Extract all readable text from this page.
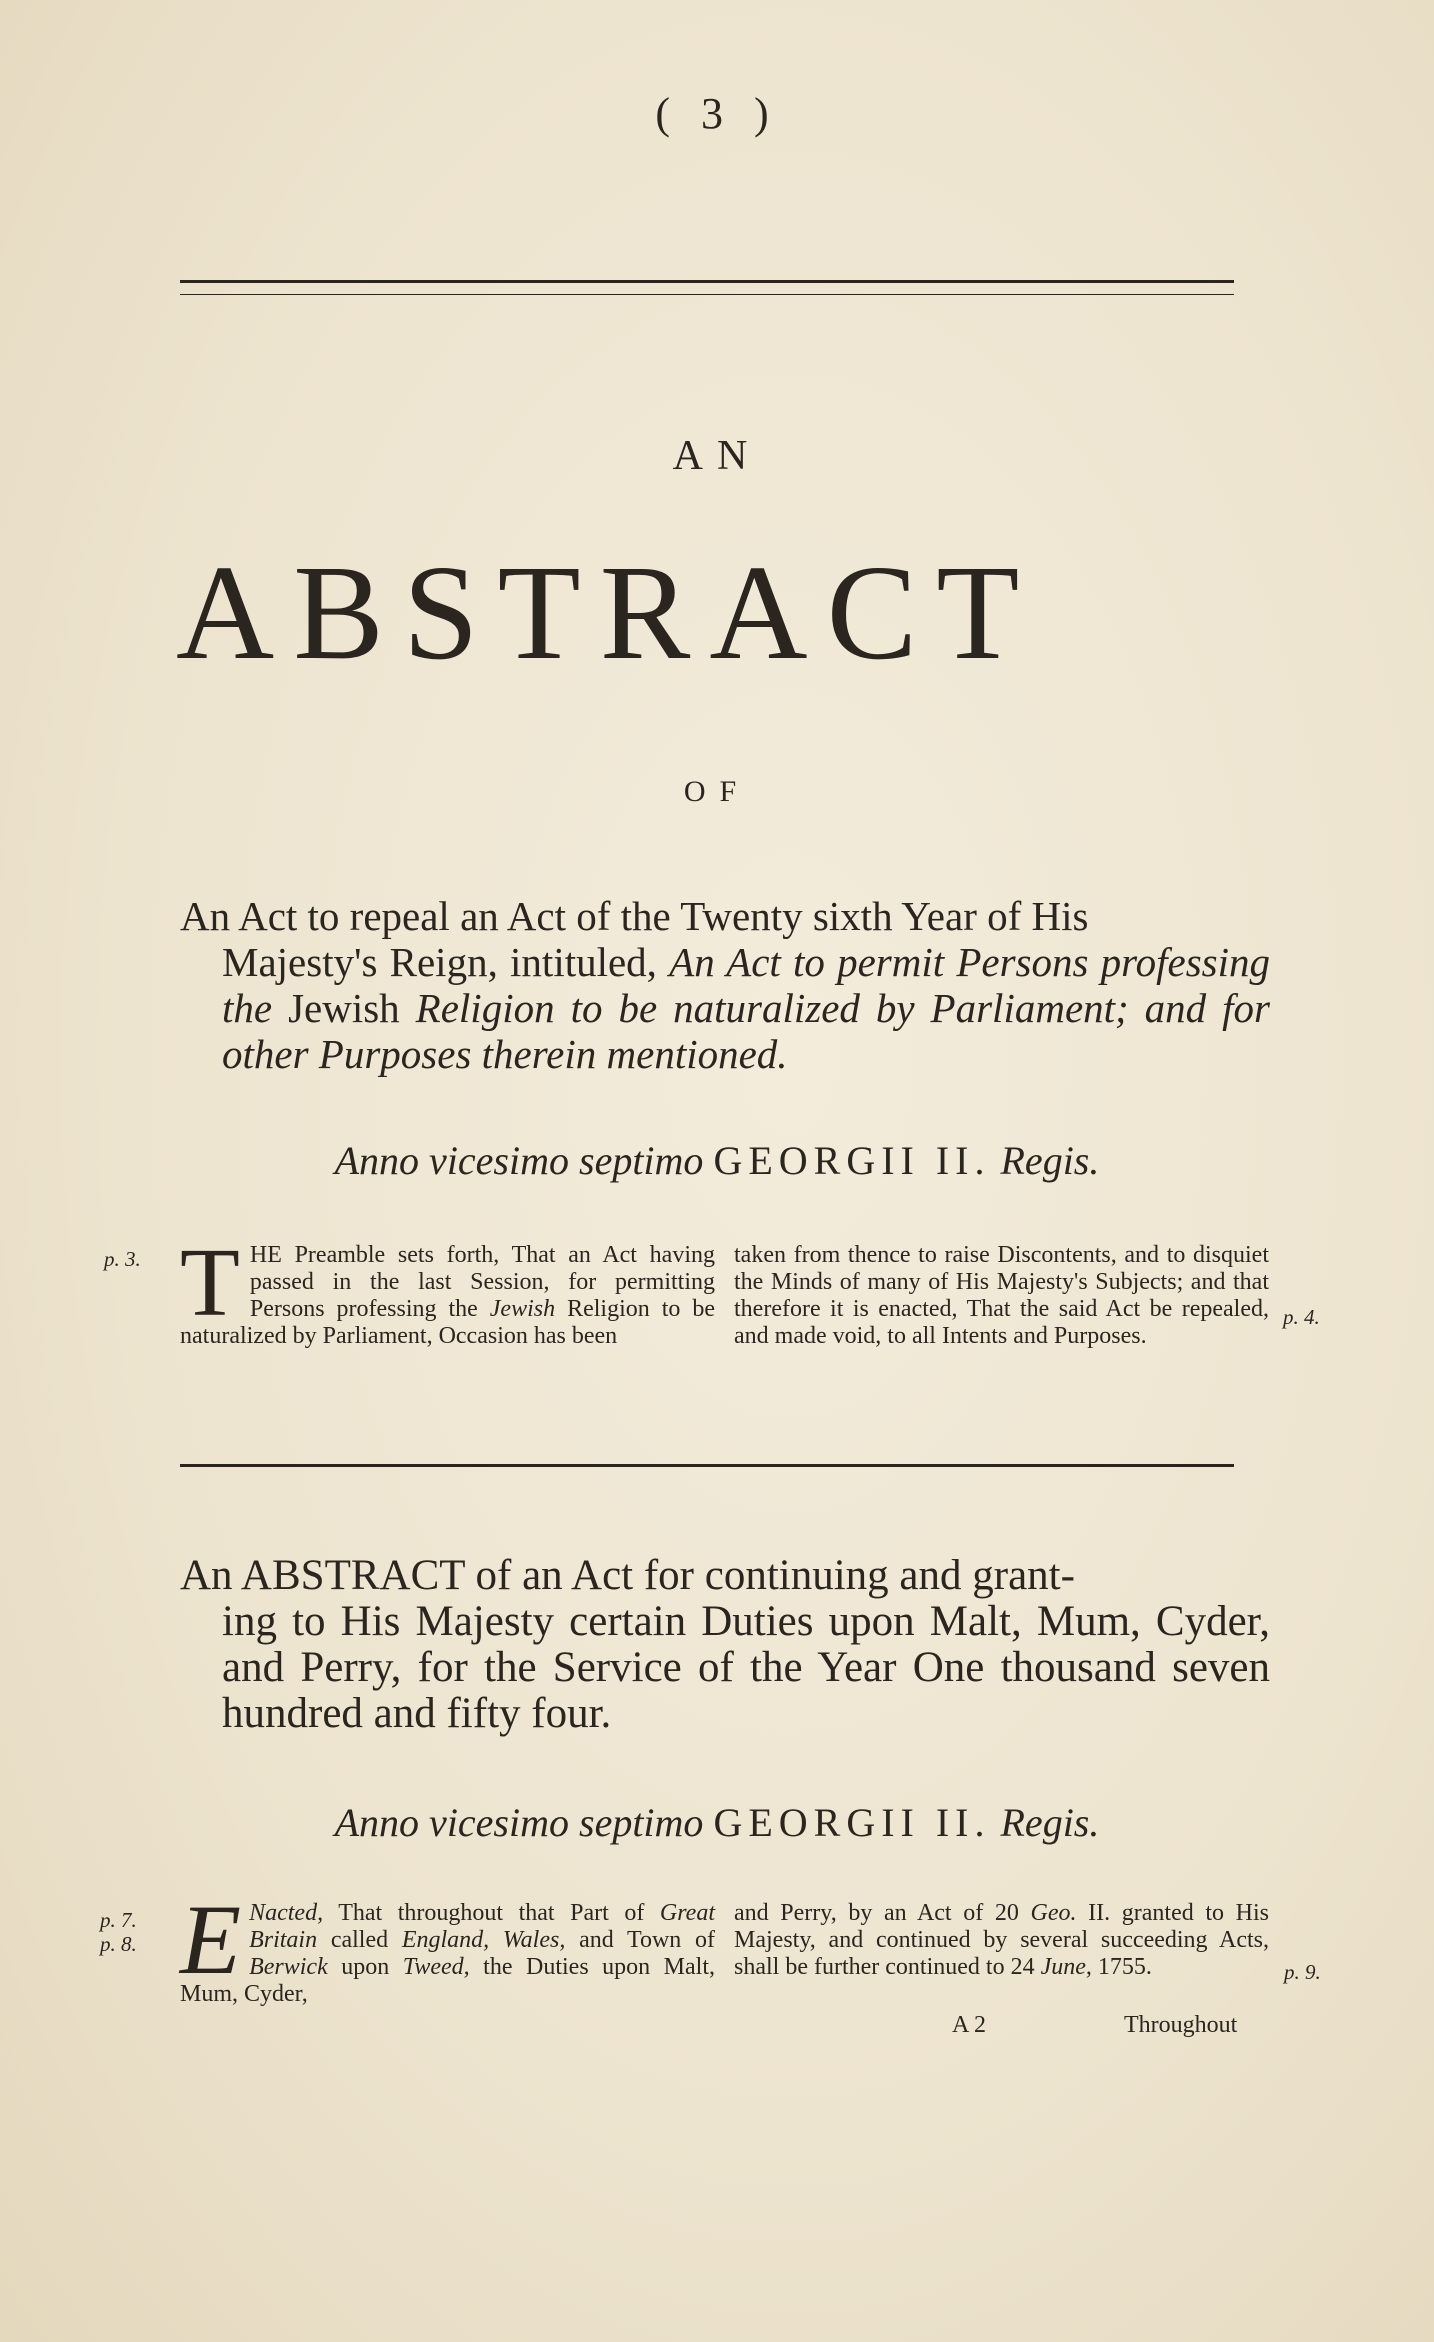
( 3 )
AN
ABSTRACT
OF
An Act to repeal an Act of the Twenty sixth Year of His
Majesty's Reign, intituled, An Act to permit Persons professing the Jewish Religion to be naturalized by Parliament; and for other Purposes therein mentioned.
Anno vicesimo septimo GEORGII II. Regis.
p. 3.
p. 4.
T HE Preamble sets forth, That an Act having passed in the last Session, for permitting Persons professing the Jewish Religion to be naturalized by Parliament, Occasion has been
taken from thence to raise Discontents, and to disquiet the Minds of many of His Majesty's Subjects; and that therefore it is enacted, That the said Act be repealed, and made void, to all Intents and Purposes.
An ABSTRACT of an Act for continuing and grant-
ing to His Majesty certain Duties upon Malt, Mum, Cyder, and Perry, for the Service of the Year One thousand seven hundred and fifty four.
Anno vicesimo septimo GEORGII II. Regis.
p. 7.
p. 8.
p. 9.
E Nacted, That throughout that Part of Great Britain called England, Wales, and Town of Berwick upon Tweed, the Duties upon Malt, Mum, Cyder,
and Perry, by an Act of 20 Geo. II. granted to His Majesty, and continued by several succeeding Acts, shall be further continued to 24 June, 1755.
A 2	Throughout
